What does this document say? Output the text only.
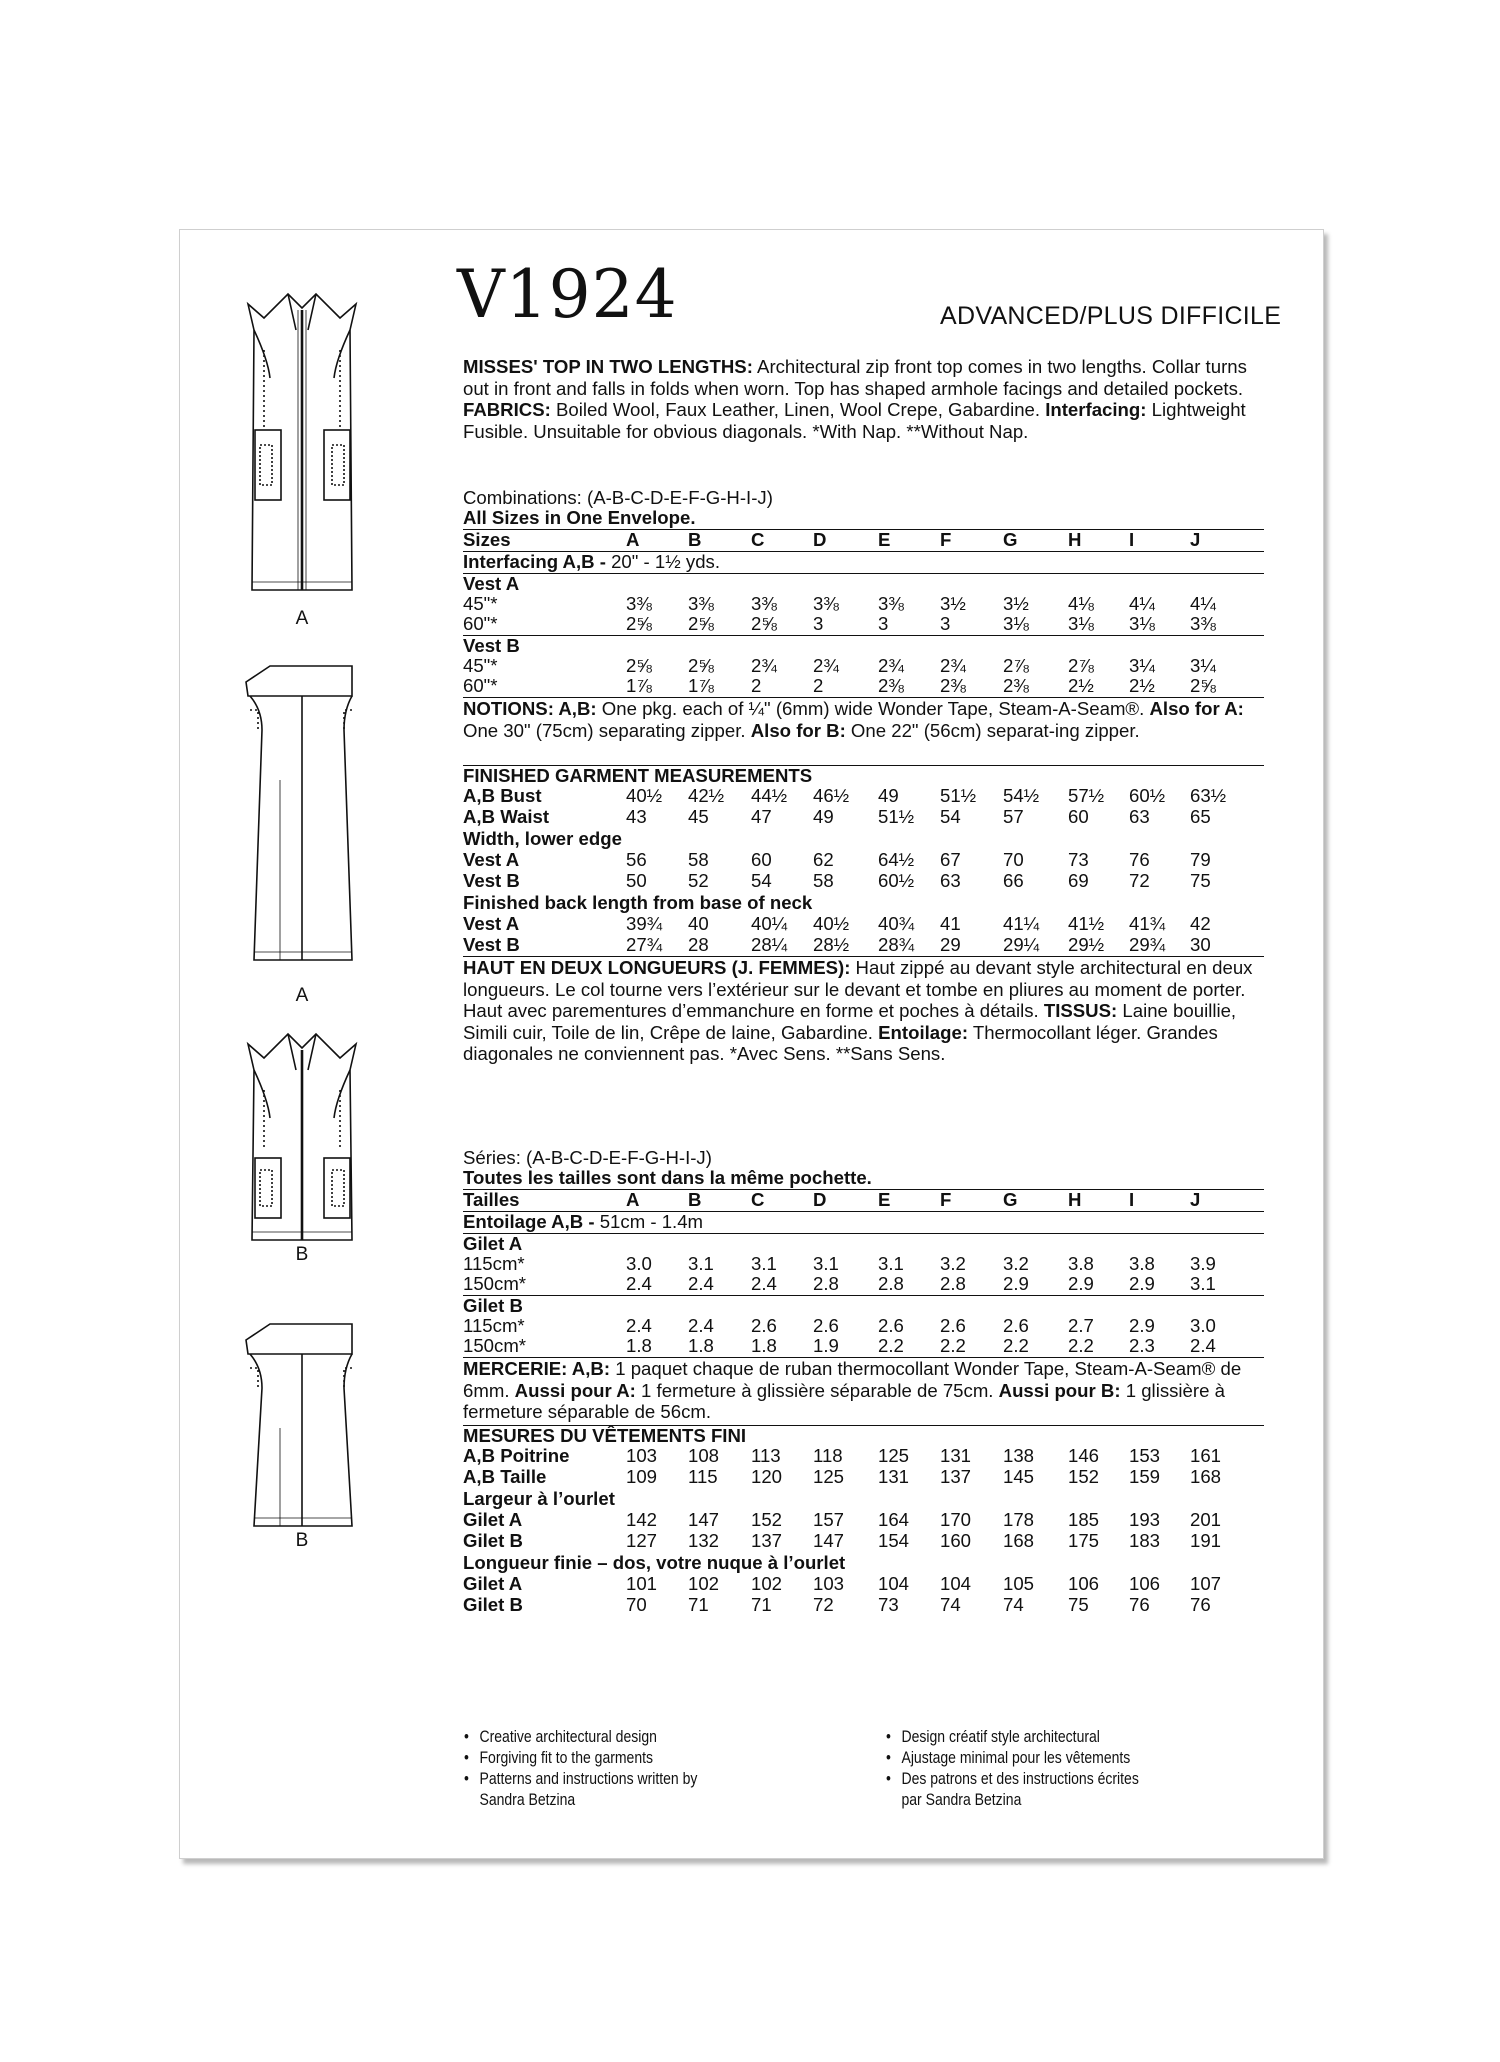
A
A
B
B
V1924	ADVANCED/PLUS DIFFICILE
MISSES' TOP IN TWO LENGTHS: Architectural zip front top comes in two lengths. Collar turns out in front and falls in folds when worn. Top has shaped armhole facings and detailed pockets. FABRICS: Boiled Wool, Faux Leather, Linen, Wool Crepe, Gabardine. Interfacing: Lightweight Fusible. Unsuitable for obvious diagonals. *With Nap. **Without Nap.
• Creative architectural design
• Forgiving fit to the garments
• Patterns and instructions written by
Sandra Betzina
• Design créatif style architectural
• Ajustage minimal pour les vêtements
• Des patrons et des instructions écrites
par Sandra Betzina
Combinations: (A-B-C-D-E-F-G-H-I-J)
All Sizes in One Envelope.
Sizes	A	B	C	D	E	F	G	H	I	J
Interfacing A,B - 20" - 1½ yds.
Vest A
45"*	3⅜ 3⅜ 3⅜ 3⅜ 3⅜ 3½ 3½ 4⅛ 4¼ 4¼
60"*	2⅝ 2⅝ 2⅝ 3	3	3	3⅛ 3⅛ 3⅛ 3⅜
Vest B
45"*	2⅝ 2⅝ 2¾ 2¾ 2¾ 2¾ 2⅞ 2⅞ 3¼ 3¼
60"*	1⅞ 1⅞ 2	2	2⅜ 2⅜ 2⅜ 2½ 2½ 2⅝
NOTIONS: A,B: One pkg. each of ¼" (6mm) wide Wonder Tape, Steam-A-Seam®. Also for A: One 30" (75cm) separating zipper. Also for B: One 22" (56cm) separat-ing zipper.
FINISHED GARMENT MEASUREMENTS
A,B Bust	40½ 42½ 44½ 46½ 49 51½ 54½ 57½ 60½ 63½
A,B Waist	43 45 47 49 51½ 54 57 60 63 65
Width, lower edge
Vest A	56 58 60 62 64½ 67 70 73 76 79
Vest B	50 52 54 58 60½ 63 66 69 72 75
Finished back length from base of neck
Vest A	39¾ 40 40¼ 40½ 40¾ 41 41¼ 41½ 41¾ 42
Vest B	27¾ 28 28¼ 28½ 28¾ 29 29¼ 29½ 29¾ 30
HAUT EN DEUX LONGUEURS (J. FEMMES): Haut zippé au devant style architectural en deux longueurs. Le col tourne vers l’extérieur sur le devant et tombe en pliures au moment de porter. Haut avec parementures d’emmanchure en forme et poches à détails. TISSUS: Laine bouillie, Simili cuir, Toile de lin, Crêpe de laine, Gabardine. Entoilage: Thermocollant léger. Grandes diagonales ne conviennent pas. *Avec Sens. **Sans Sens.
Séries: (A-B-C-D-E-F-G-H-I-J)
Toutes les tailles sont dans la même pochette.
Tailles	A	B	C	D	E	F	G	H	I	J
Entoilage A,B - 51cm - 1.4m
Gilet A
115cm*	3.0 3.1 3.1 3.1 3.1 3.2 3.2 3.8 3.8 3.9
150cm*	2.4 2.4 2.4 2.8 2.8 2.8 2.9 2.9 2.9 3.1
Gilet B
115cm*	2.4 2.4 2.6 2.6 2.6 2.6 2.6 2.7 2.9 3.0
150cm*	1.8 1.8 1.8 1.9 2.2 2.2 2.2 2.2 2.3 2.4
MERCERIE: A,B: 1 paquet chaque de ruban thermocollant Wonder Tape, Steam-A-Seam® de 6mm. Aussi pour A: 1 fermeture à glissière séparable de 75cm. Aussi pour B: 1 glissière à fermeture séparable de 56cm.
MESURES DU VÊTEMENTS FINI
A,B Poitrine	103 108 113 118 125 131 138 146 153 161
A,B Taille	109 115 120 125 131 137 145 152 159 168
Largeur à l’ourlet
Gilet A	142 147 152 157 164 170 178 185 193 201
Gilet B	127 132 137 147 154 160 168 175 183 191
Longueur finie – dos, votre nuque à l’ourlet
Gilet A	101 102 102 103 104 104 105 106 106 107
Gilet B	70 71 71 72 73 74 74 75 76 76
